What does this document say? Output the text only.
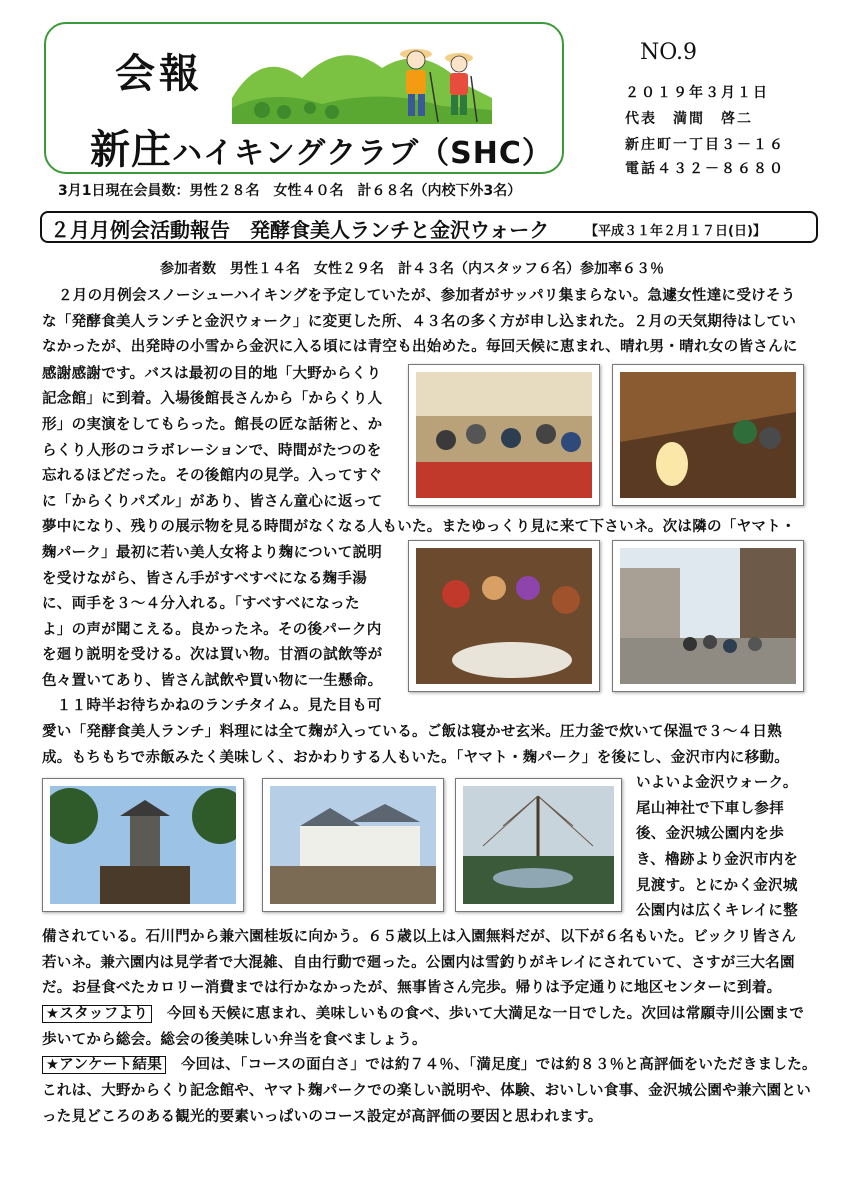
会報
新庄ハイキングクラブ（SHC）
NO.9
２０１９年３月１日
代表　満間　啓二
新庄町一丁目３－１６
電話４３２－８６８０
3月1日現在会員数：男性２８名　女性４０名　計６８名（内校下外3名）
２月月例会活動報告　発酵食美人ランチと金沢ウォーク	【平成３１年２月１７日(日)】
参加者数　男性１４名　女性２９名　計４３名（内スタッフ６名）参加率６３％
２月の月例会スノーシューハイキングを予定していたが、参加者がサッパリ集まらない。急遽女性達に受けそう
な「発酵食美人ランチと金沢ウォーク」に変更した所、４３名の多く方が申し込まれた。２月の天気期待はしてい
なかったが、出発時の小雪から金沢に入る頃には青空も出始めた。毎回天候に恵まれ、晴れ男・晴れ女の皆さんに
感謝感謝です。バスは最初の目的地「大野からくり
記念館」に到着。入場後館長さんから「からくり人
形」の実演をしてもらった。館長の匠な話術と、か
らくり人形のコラボレーションで、時間がたつのを
忘れるほどだった。その後館内の見学。入ってすぐ
に「からくりパズル」があり、皆さん童心に返って
夢中になり、残りの展示物を見る時間がなくなる人もいた。またゆっくり見に来て下さいネ。次は隣の「ヤマト・
麹パーク」最初に若い美人女将より麹について説明
を受けながら、皆さん手がすべすべになる麹手湯
に、両手を３～４分入れる。「すべすべになった
よ」の声が聞こえる。良かったネ。その後パーク内
を廻り説明を受ける。次は買い物。甘酒の試飲等が
色々置いてあり、皆さん試飲や買い物に一生懸命。
　１１時半お待ちかねのランチタイム。見た目も可
愛い「発酵食美人ランチ」料理には全て麹が入っている。ご飯は寝かせ玄米。圧力釜で炊いて保温で３～４日熟
成。もちもちで赤飯みたく美味しく、おかわりする人もいた。「ヤマト・麹パーク」を後にし、金沢市内に移動。
いよいよ金沢ウォーク。
尾山神社で下車し参拝
後、金沢城公園内を歩
き、櫓跡より金沢市内を
見渡す。とにかく金沢城
公園内は広くキレイに整
備されている。石川門から兼六園桂坂に向かう。６５歳以上は入園無料だが、以下が６名もいた。ビックリ皆さん
若いネ。兼六園内は見学者で大混雑、自由行動で廻った。公園内は雪釣りがキレイにされていて、さすが三大名園
だ。お昼食べたカロリー消費までは行かなかったが、無事皆さん完歩。帰りは予定通りに地区センターに到着。
★スタッフより　 今回も天候に恵まれ、美味しいもの食べ、歩いて大満足な一日でした。次回は常願寺川公園まで
歩いてから総会。総会の後美味しい弁当を食べましょう。
★アンケート結果　 今回は、「コースの面白さ」では約７４％、「満足度」では約８３％と高評価をいただきました。
これは、大野からくり記念館や、ヤマト麹パークでの楽しい説明や、体験、おいしい食事、金沢城公園や兼六園とい
った見どころのある観光的要素いっぱいのコース設定が高評価の要因と思われます。
